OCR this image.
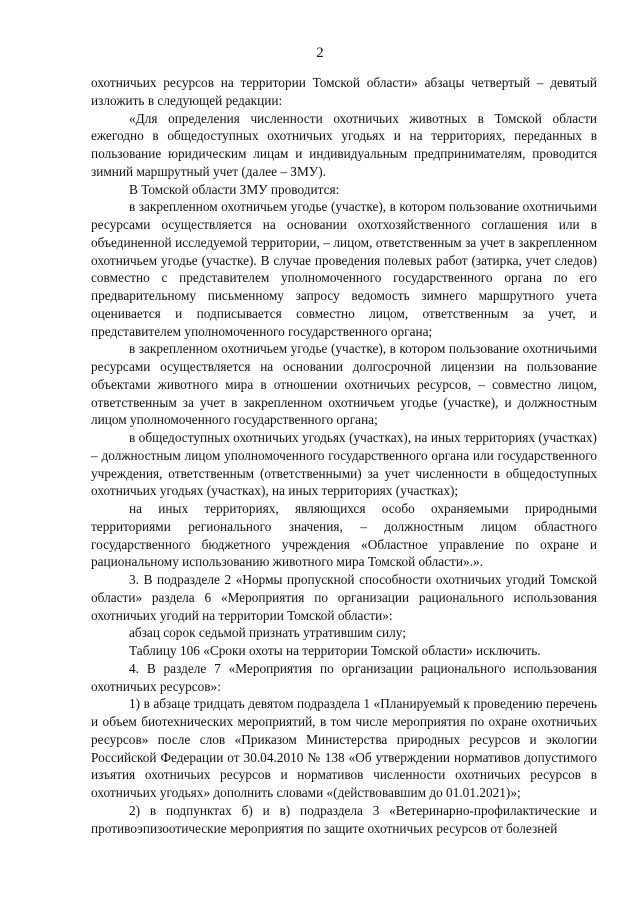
2

охотничьих ресурсов на территории Томской области» абзацы четвертый – девятый изложить в следующей редакции:

«Для определения численности охотничьих животных в Томской области ежегодно в общедоступных охотничьих угодьях и на территориях, переданных в пользование юридическим лицам и индивидуальным предпринимателям, проводится зимний маршрутный учет (далее – ЗМУ).

В Томской области ЗМУ проводится:

в закрепленном охотничьем угодье (участке), в котором пользование охотничьими ресурсами осуществляется на основании охотхозяйственного соглашения или в объединенной исследуемой территории, – лицом, ответственным за учет в закрепленном охотничьем угодье (участке). В случае проведения полевых работ (затирка, учет следов) совместно с представителем уполномоченного государственного органа по его предварительному письменному запросу ведомость зимнего маршрутного учета оценивается и подписывается совместно лицом, ответственным за учет, и представителем уполномоченного государственного органа;

в закрепленном охотничьем угодье (участке), в котором пользование охотничьими ресурсами осуществляется на основании долгосрочной лицензии на пользование объектами животного мира в отношении охотничьих ресурсов, – совместно лицом, ответственным за учет в закрепленном охотничьем угодье (участке), и должностным лицом уполномоченного государственного органа;

в общедоступных охотничьих угодьях (участках), на иных территориях (участках) – должностным лицом уполномоченного государственного органа или государственного учреждения, ответственным (ответственными) за учет численности в общедоступных охотничьих угодьях (участках), на иных территориях (участках);

на иных территориях, являющихся особо охраняемыми природными территориями регионального значения, – должностным лицом областного государственного бюджетного учреждения «Областное управление по охране и рациональному использованию животного мира Томской области».».

3. В подразделе 2 «Нормы пропускной способности охотничьих угодий Томской области» раздела 6 «Мероприятия по организации рационального использования охотничьих угодий на территории Томской области»:

абзац сорок седьмой признать утратившим силу;

Таблицу 106 «Сроки охоты на территории Томской области» исключить.

4. В разделе 7 «Мероприятия по организации рационального использования охотничьих ресурсов»:

1) в абзаце тридцать девятом подраздела 1 «Планируемый к проведению перечень и объем биотехнических мероприятий, в том числе мероприятия по охране охотничьих ресурсов» после слов «Приказом Министерства природных ресурсов и экологии Российской Федерации от 30.04.2010 № 138 «Об утверждении нормативов допустимого изъятия охотничьих ресурсов и нормативов численности охотничьих ресурсов в охотничьих угодьях» дополнить словами «(действовавшим до 01.01.2021)»;

2) в подпунктах б) и в) подраздела 3 «Ветеринарно-профилактические и противоэпизоотические мероприятия по защите охотничьих ресурсов от болезней
